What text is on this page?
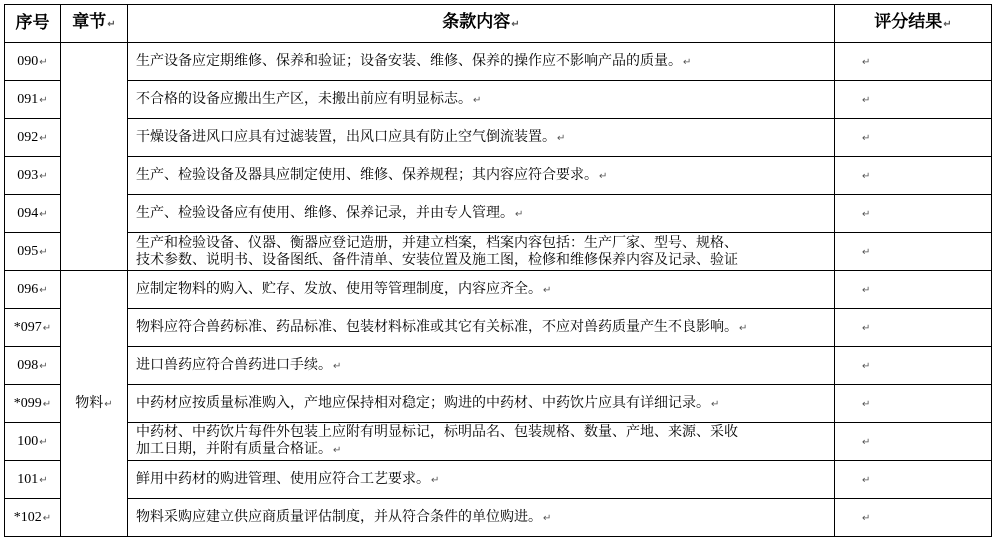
序号	章节↵	条款内容↵	评分结果↵
090↵		生产设备应定期维修、保养和验证；设备安装、维修、保养的操作应不影响产品的质量。↵	↵
091↵		不合格的设备应搬出生产区，未搬出前应有明显标志。↵	↵
092↵		干燥设备进风口应具有过滤装置，出风口应具有防止空气倒流装置。↵	↵
093↵		生产、检验设备及器具应制定使用、维修、保养规程；其内容应符合要求。↵	↵
094↵		生产、检验设备应有使用、维修、保养记录，并由专人管理。↵	↵
095↵		生产和检验设备、仪器、衡器应登记造册，并建立档案，档案内容包括：生产厂家、型号、规格、
技术参数、说明书、设备图纸、备件清单、安装位置及施工图，检修和维修保养内容及记录、验证	↵
096↵	物料↵	应制定物料的购入、贮存、发放、使用等管理制度，内容应齐全。↵	↵
*097↵		物料应符合兽药标准、药品标准、包装材料标准或其它有关标准，不应对兽药质量产生不良影响。↵	↵
098↵		进口兽药应符合兽药进口手续。↵	↵
*099↵		中药材应按质量标准购入，产地应保持相对稳定；购进的中药材、中药饮片应具有详细记录。↵	↵
100↵		中药材、中药饮片每件外包装上应附有明显标记，标明品名、包装规格、数量、产地、来源、采收
加工日期，并附有质量合格证。↵	↵
101↵		鲜用中药材的购进管理、使用应符合工艺要求。↵	↵
*102↵		物料采购应建立供应商质量评估制度，并从符合条件的单位购进。↵	↵
